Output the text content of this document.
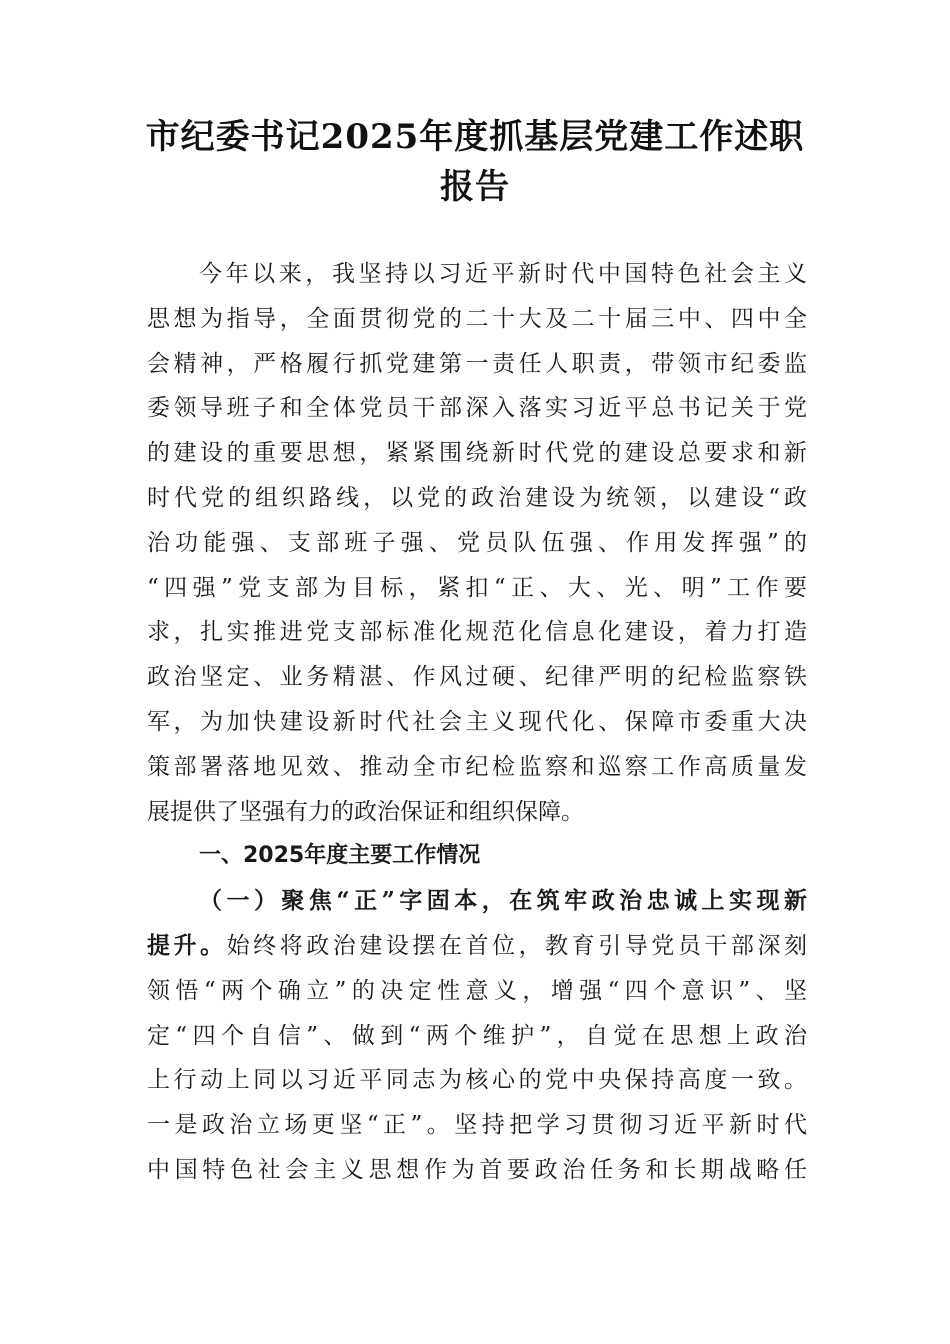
市纪委书记2025年度抓基层党建工作述职
报告
今年以来，我坚持以习近平新时代中国特色社会主义
思想为指导，全面贯彻党的二十大及二十届三中、四中全
会精神，严格履行抓党建第一责任人职责，带领市纪委监
委领导班子和全体党员干部深入落实习近平总书记关于党
的建设的重要思想，紧紧围绕新时代党的建设总要求和新
时代党的组织路线，以党的政治建设为统领，以建设“政
治功能强、支部班子强、党员队伍强、作用发挥强”的
“四强”党支部为目标，紧扣“正、大、光、明”工作要
求，扎实推进党支部标准化规范化信息化建设，着力打造
政治坚定、业务精湛、作风过硬、纪律严明的纪检监察铁
军，为加快建设新时代社会主义现代化、保障市委重大决
策部署落地见效、推动全市纪检监察和巡察工作高质量发
展提供了坚强有力的政治保证和组织保障。
一、2025年度主要工作情况
（一）聚焦“正”字固本，在筑牢政治忠诚上实现新
提升。始终将政治建设摆在首位，教育引导党员干部深刻
领悟“两个确立”的决定性意义，增强“四个意识”、坚
定“四个自信”、做到“两个维护”，自觉在思想上政治
上行动上同以习近平同志为核心的党中央保持高度一致。
一是政治立场更坚“正”。坚持把学习贯彻习近平新时代
中国特色社会主义思想作为首要政治任务和长期战略任
